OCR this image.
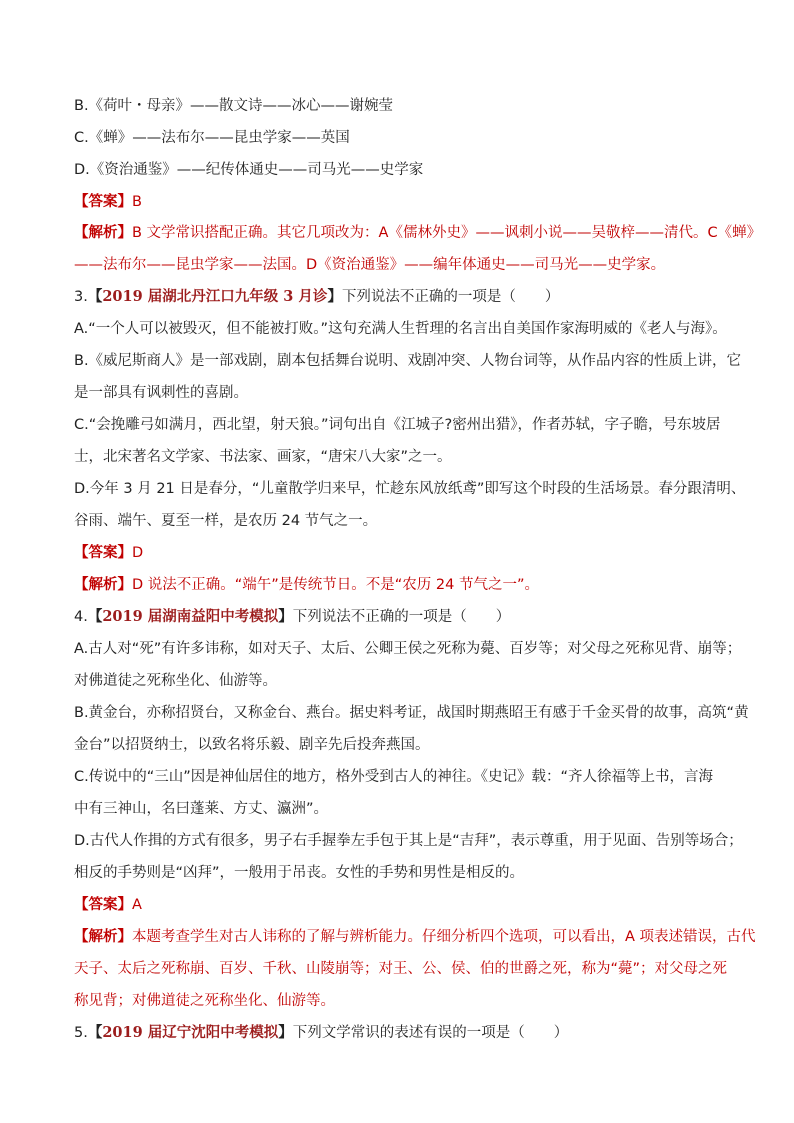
B.《荷叶・母亲》——散文诗——冰心——谢婉莹
C.《蝉》——法布尔——昆虫学家——英国
D.《资治通鉴》——纪传体通史——司马光——史学家
【答案】B
【解析】B 文学常识搭配正确。其它几项改为：A《儒林外史》——讽刺小说——吴敬梓——清代。C《蝉》
——法布尔——昆虫学家——法国。D《资治通鉴》——编年体通史——司马光——史学家。
3.【2019 届湖北丹江口九年级 3 月诊】下列说法不正确的一项是（　　）
A.“一个人可以被毁灭，但不能被打败。”这句充满人生哲理的名言出自美国作家海明威的《老人与海》。
B.《威尼斯商人》是一部戏剧，剧本包括舞台说明、戏剧冲突、人物台词等，从作品内容的性质上讲，它
是一部具有讽刺性的喜剧。
C.“会挽雕弓如满月，西北望，射天狼。”词句出自《江城子?密州出猎》，作者苏轼，字子瞻，号东坡居
士，北宋著名文学家、书法家、画家，“唐宋八大家”之一。
D.今年 3 月 21 日是春分，“儿童散学归来早，忙趁东风放纸鸢”即写这个时段的生活场景。春分跟清明、
谷雨、端午、夏至一样，是农历 24 节气之一。
【答案】D
【解析】D 说法不正确。“端午”是传统节日。不是“农历 24 节气之一”。
4.【2019 届湖南益阳中考模拟】下列说法不正确的一项是（　　）
A.古人对“死”有许多讳称，如对天子、太后、公卿王侯之死称为薨、百岁等；对父母之死称见背、崩等；
对佛道徒之死称坐化、仙游等。
B.黄金台，亦称招贤台，又称金台、燕台。据史料考证，战国时期燕昭王有感于千金买骨的故事，高筑“黄
金台”以招贤纳士，以致名将乐毅、剧辛先后投奔燕国。
C.传说中的“三山”因是神仙居住的地方，格外受到古人的神往。《史记》载：“齐人徐福等上书，言海
中有三神山，名曰蓬莱、方丈、瀛洲”。
D.古代人作揖的方式有很多，男子右手握拳左手包于其上是“吉拜”，表示尊重，用于见面、告别等场合；
相反的手势则是“凶拜”，一般用于吊丧。女性的手势和男性是相反的。
【答案】A
【解析】本题考查学生对古人讳称的了解与辨析能力。仔细分析四个选项，可以看出，A 项表述错误，古代
天子、太后之死称崩、百岁、千秋、山陵崩等；对王、公、侯、伯的世爵之死，称为“薨”；对父母之死
称见背；对佛道徒之死称坐化、仙游等。
5.【2019 届辽宁沈阳中考模拟】下列文学常识的表述有误的一项是（　　）
